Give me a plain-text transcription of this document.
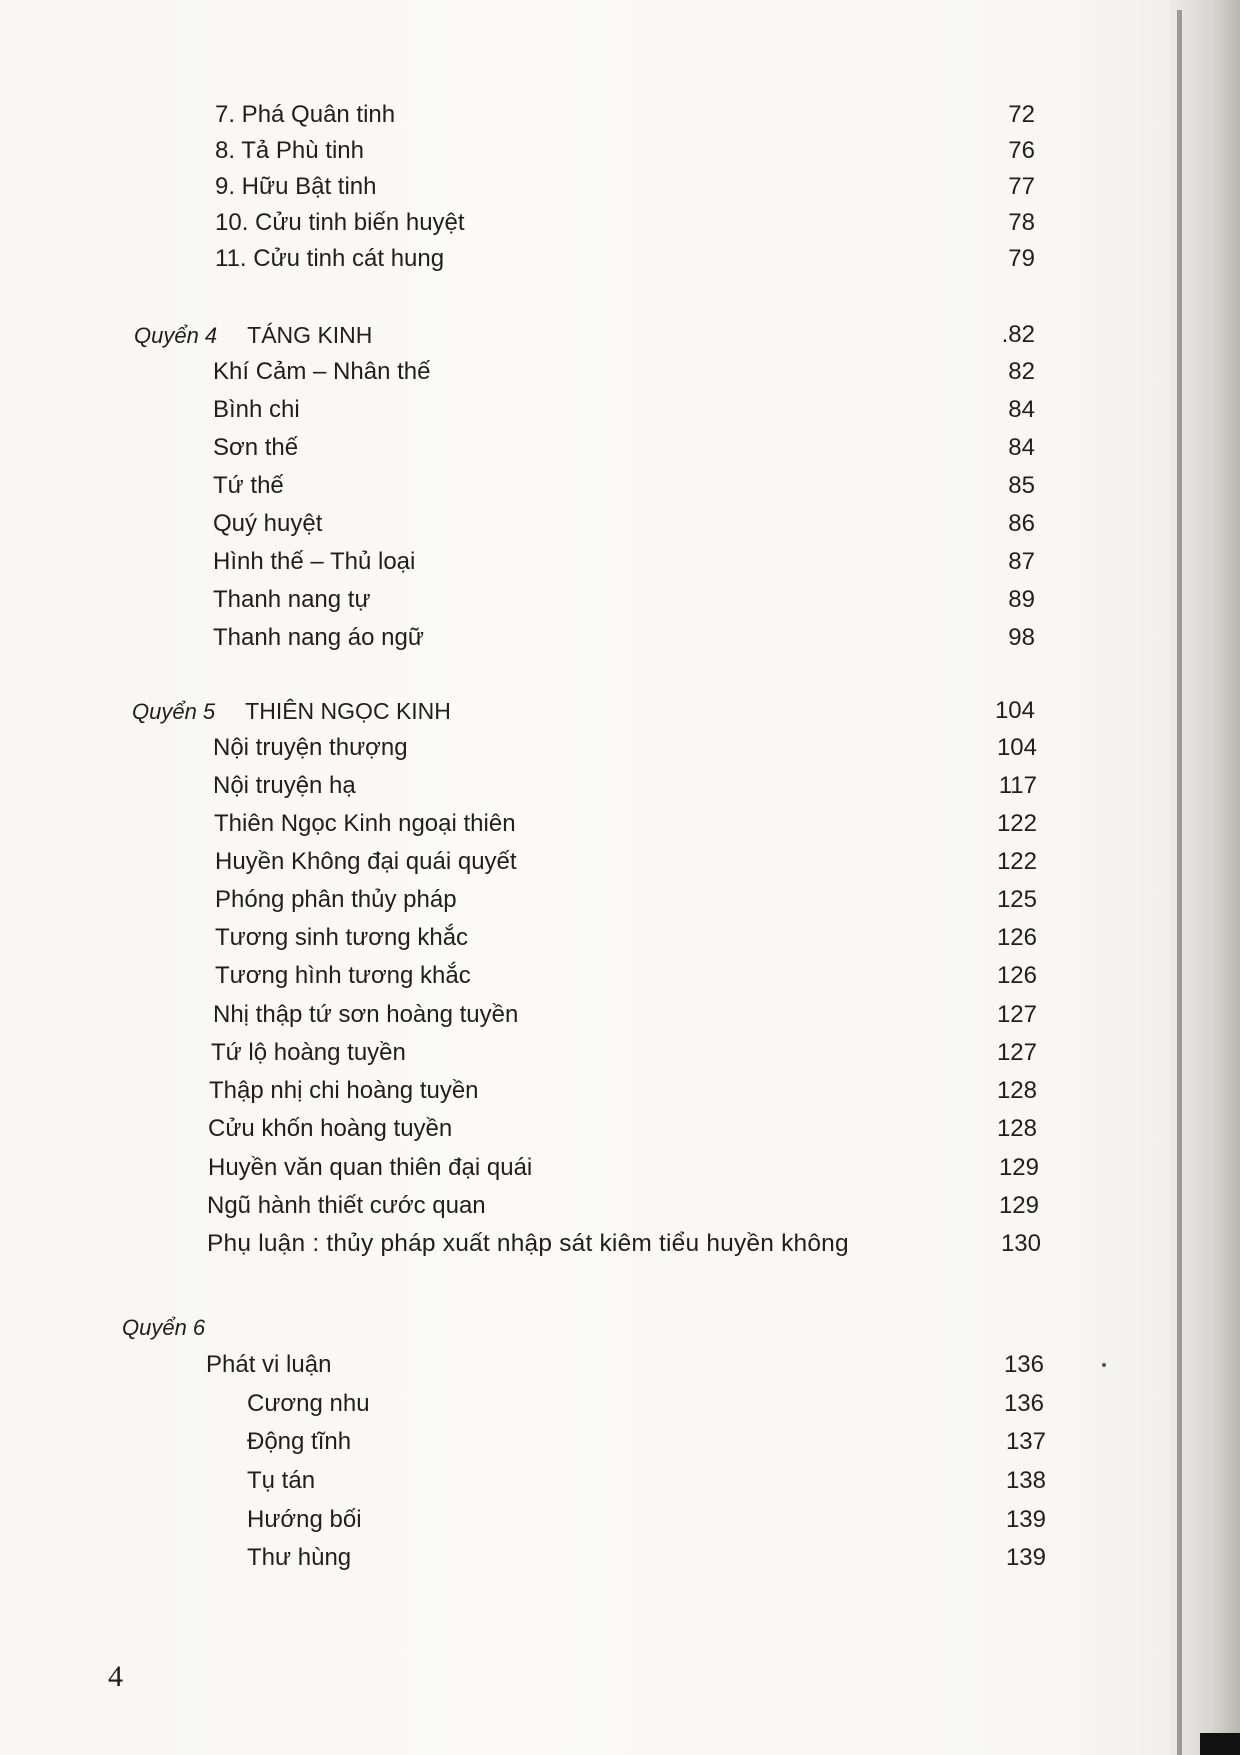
7. Phá Quân tinh	72
8. Tả Phù tinh	76
9. Hữu Bật tinh	77
10. Cửu tinh biến huyệt	78
11. Cửu tinh cát hung	79
Quyển 4 TÁNG KINH	.82
Khí Cảm – Nhân thế	82
Bình chi	84
Sơn thế	84
Tứ thế	85
Quý huyệt	86
Hình thế – Thủ loại	87
Thanh nang tự	89
Thanh nang áo ngữ	98
Quyển 5 THIÊN NGỌC KINH	104
Nội truyện thượng	104
Nội truyện hạ	117
Thiên Ngọc Kinh ngoại thiên	122
Huyền Không đại quái quyết	122
Phóng phân thủy pháp	125
Tương sinh tương khắc	126
Tương hình tương khắc	126
Nhị thập tứ sơn hoàng tuyền	127
Tứ lộ hoàng tuyền	127
Thập nhị chi hoàng tuyền	128
Cửu khốn hoàng tuyền	128
Huyền văn quan thiên đại quái	129
Ngũ hành thiết cước quan	129
Phụ luận : thủy pháp xuất nhập sát kiêm tiểu huyền không	130
Quyển 6
Phát vi luận	136
Cương nhu	136
Động tĩnh	137
Tụ tán	138
Hướng bối	139
Thư hùng	139
4
